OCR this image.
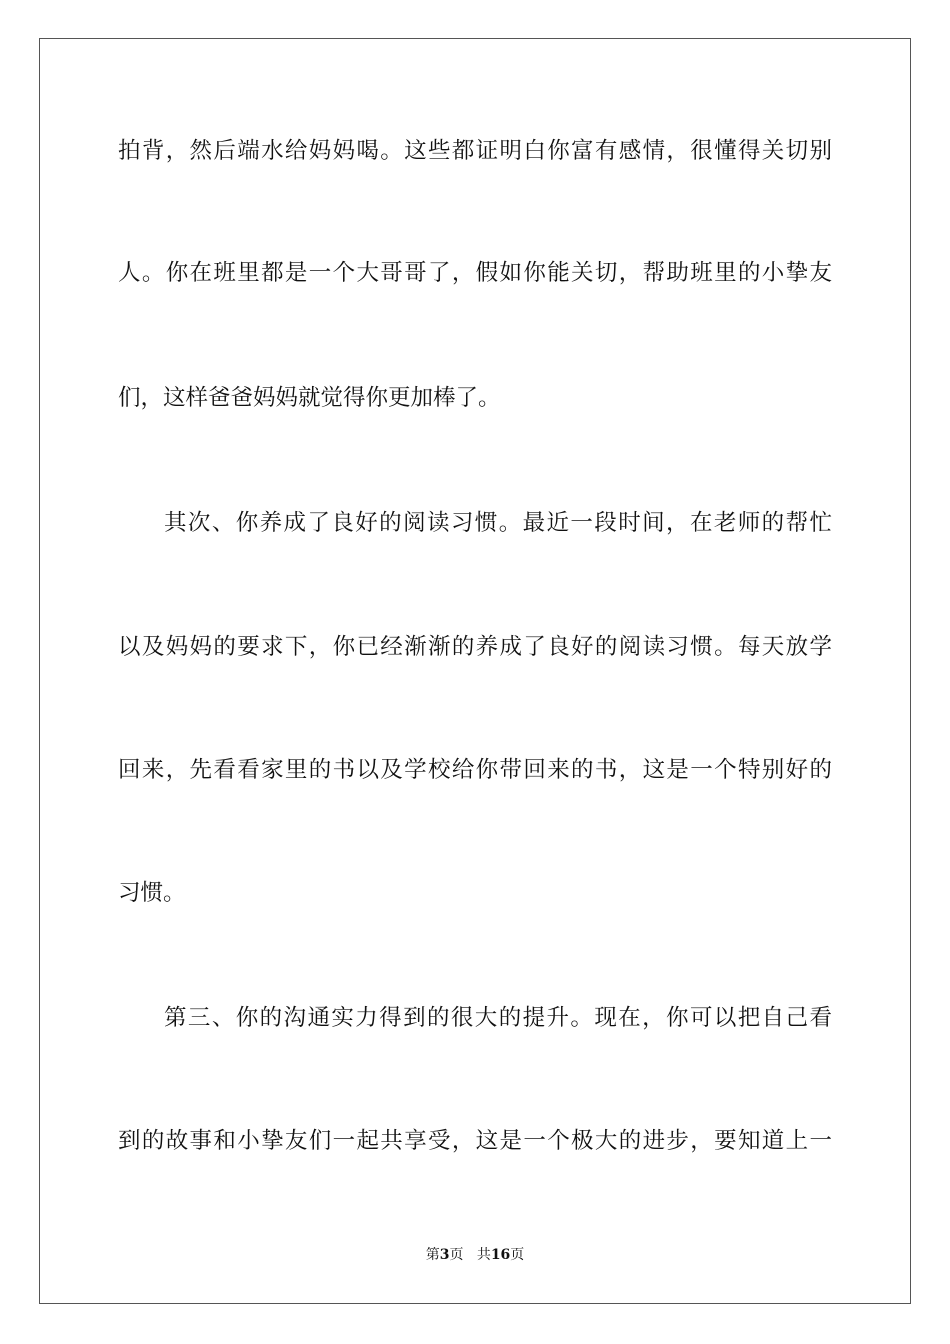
拍背，然后端水给妈妈喝。这些都证明白你富有感情，很懂得关切别
人。你在班里都是一个大哥哥了，假如你能关切，帮助班里的小挚友
们，这样爸爸妈妈就觉得你更加棒了。
其次、你养成了良好的阅读习惯。最近一段时间，在老师的帮忙
以及妈妈的要求下，你已经渐渐的养成了良好的阅读习惯。每天放学
回来，先看看家里的书以及学校给你带回来的书，这是一个特别好的
习惯。
第三、你的沟通实力得到的很大的提升。现在，你可以把自己看
到的故事和小挚友们一起共享受，这是一个极大的进步，要知道上一
第3页 共16页
